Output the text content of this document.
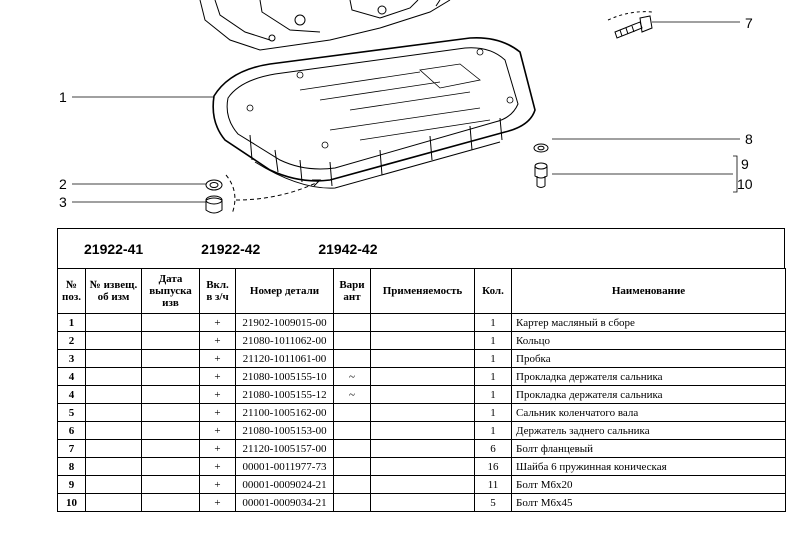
1
2
3
7
8
9
10
21922-41	21922-42	21942-42
№ поз.	№ извещ. об изм	Дата выпуска изв	Вкл. в з/ч	Номер детали	Вари ант	Применяемость	Кол.	Наименование
1			+	21902-1009015-00			1	Картер масляный в сборе
2			+	21080-1011062-00			1	Кольцо
3			+	21120-1011061-00			1	Пробка
4			+	21080-1005155-10	~		1	Прокладка держателя сальника
4			+	21080-1005155-12	~		1	Прокладка держателя сальника
5			+	21100-1005162-00			1	Сальник коленчатого вала
6			+	21080-1005153-00			1	Держатель заднего сальника
7			+	21120-1005157-00			6	Болт фланцевый
8			+	00001-0011977-73			16	Шайба 6 пружинная коническая
9			+	00001-0009024-21			11	Болт М6х20
10			+	00001-0009034-21			5	Болт М6х45
